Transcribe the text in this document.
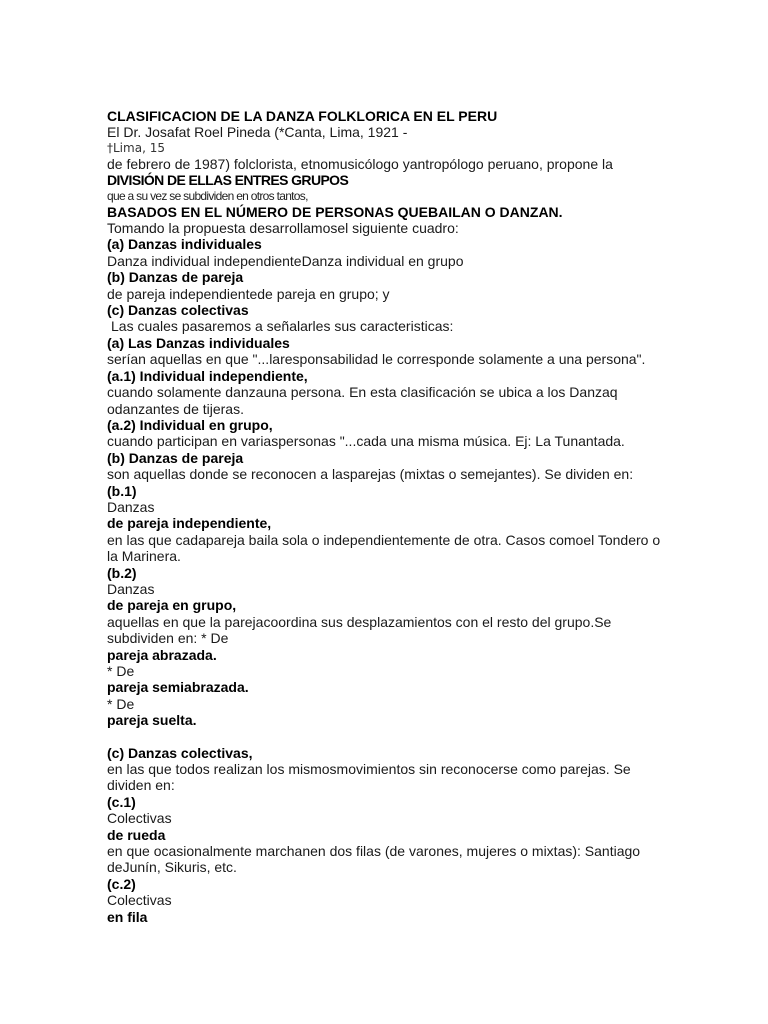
CLASIFICACION DE LA DANZA FOLKLORICA EN EL PERU
El Dr. Josafat Roel Pineda (*Canta, Lima, 1921 -
†Lima, 15
de febrero de 1987) folclorista, etnomusicólogo yantropólogo peruano, propone la
DIVISIÓN DE ELLAS ENTRES GRUPOS
que a su vez se subdividen en otros tantos,
BASADOS EN EL NÚMERO DE PERSONAS QUEBAILAN O DANZAN.
Tomando la propuesta desarrollamosel siguiente cuadro:
(a) Danzas individuales
Danza individual independienteDanza individual en grupo
(b) Danzas de pareja
de pareja independientede pareja en grupo; y
(c) Danzas colectivas
Las cuales pasaremos a señalarles sus caracteristicas:
(a) Las Danzas individuales
serían aquellas en que "...laresponsabilidad le corresponde solamente a una persona".
(a.1) Individual independiente,
cuando solamente danzauna persona. En esta clasificación se ubica a los Danzaq
odanzantes de tijeras.
(a.2) Individual en grupo,
cuando participan en variaspersonas "...cada una misma música. Ej: La Tunantada.
(b) Danzas de pareja
son aquellas donde se reconocen a lasparejas (mixtas o semejantes). Se dividen en:
(b.1)
Danzas
de pareja independiente,
en las que cadapareja baila sola o independientemente de otra. Casos comoel Tondero o
la Marinera.
(b.2)
Danzas
de pareja en grupo,
aquellas en que la parejacoordina sus desplazamientos con el resto del grupo.Se
subdividen en: * De
pareja abrazada.
* De
pareja semiabrazada.
* De
pareja suelta.
(c) Danzas colectivas,
en las que todos realizan los mismosmovimientos sin reconocerse como parejas. Se
dividen en:
(c.1)
Colectivas
de rueda
en que ocasionalmente marchanen dos filas (de varones, mujeres o mixtas): Santiago
deJunín, Sikuris, etc.
(c.2)
Colectivas
en fila
